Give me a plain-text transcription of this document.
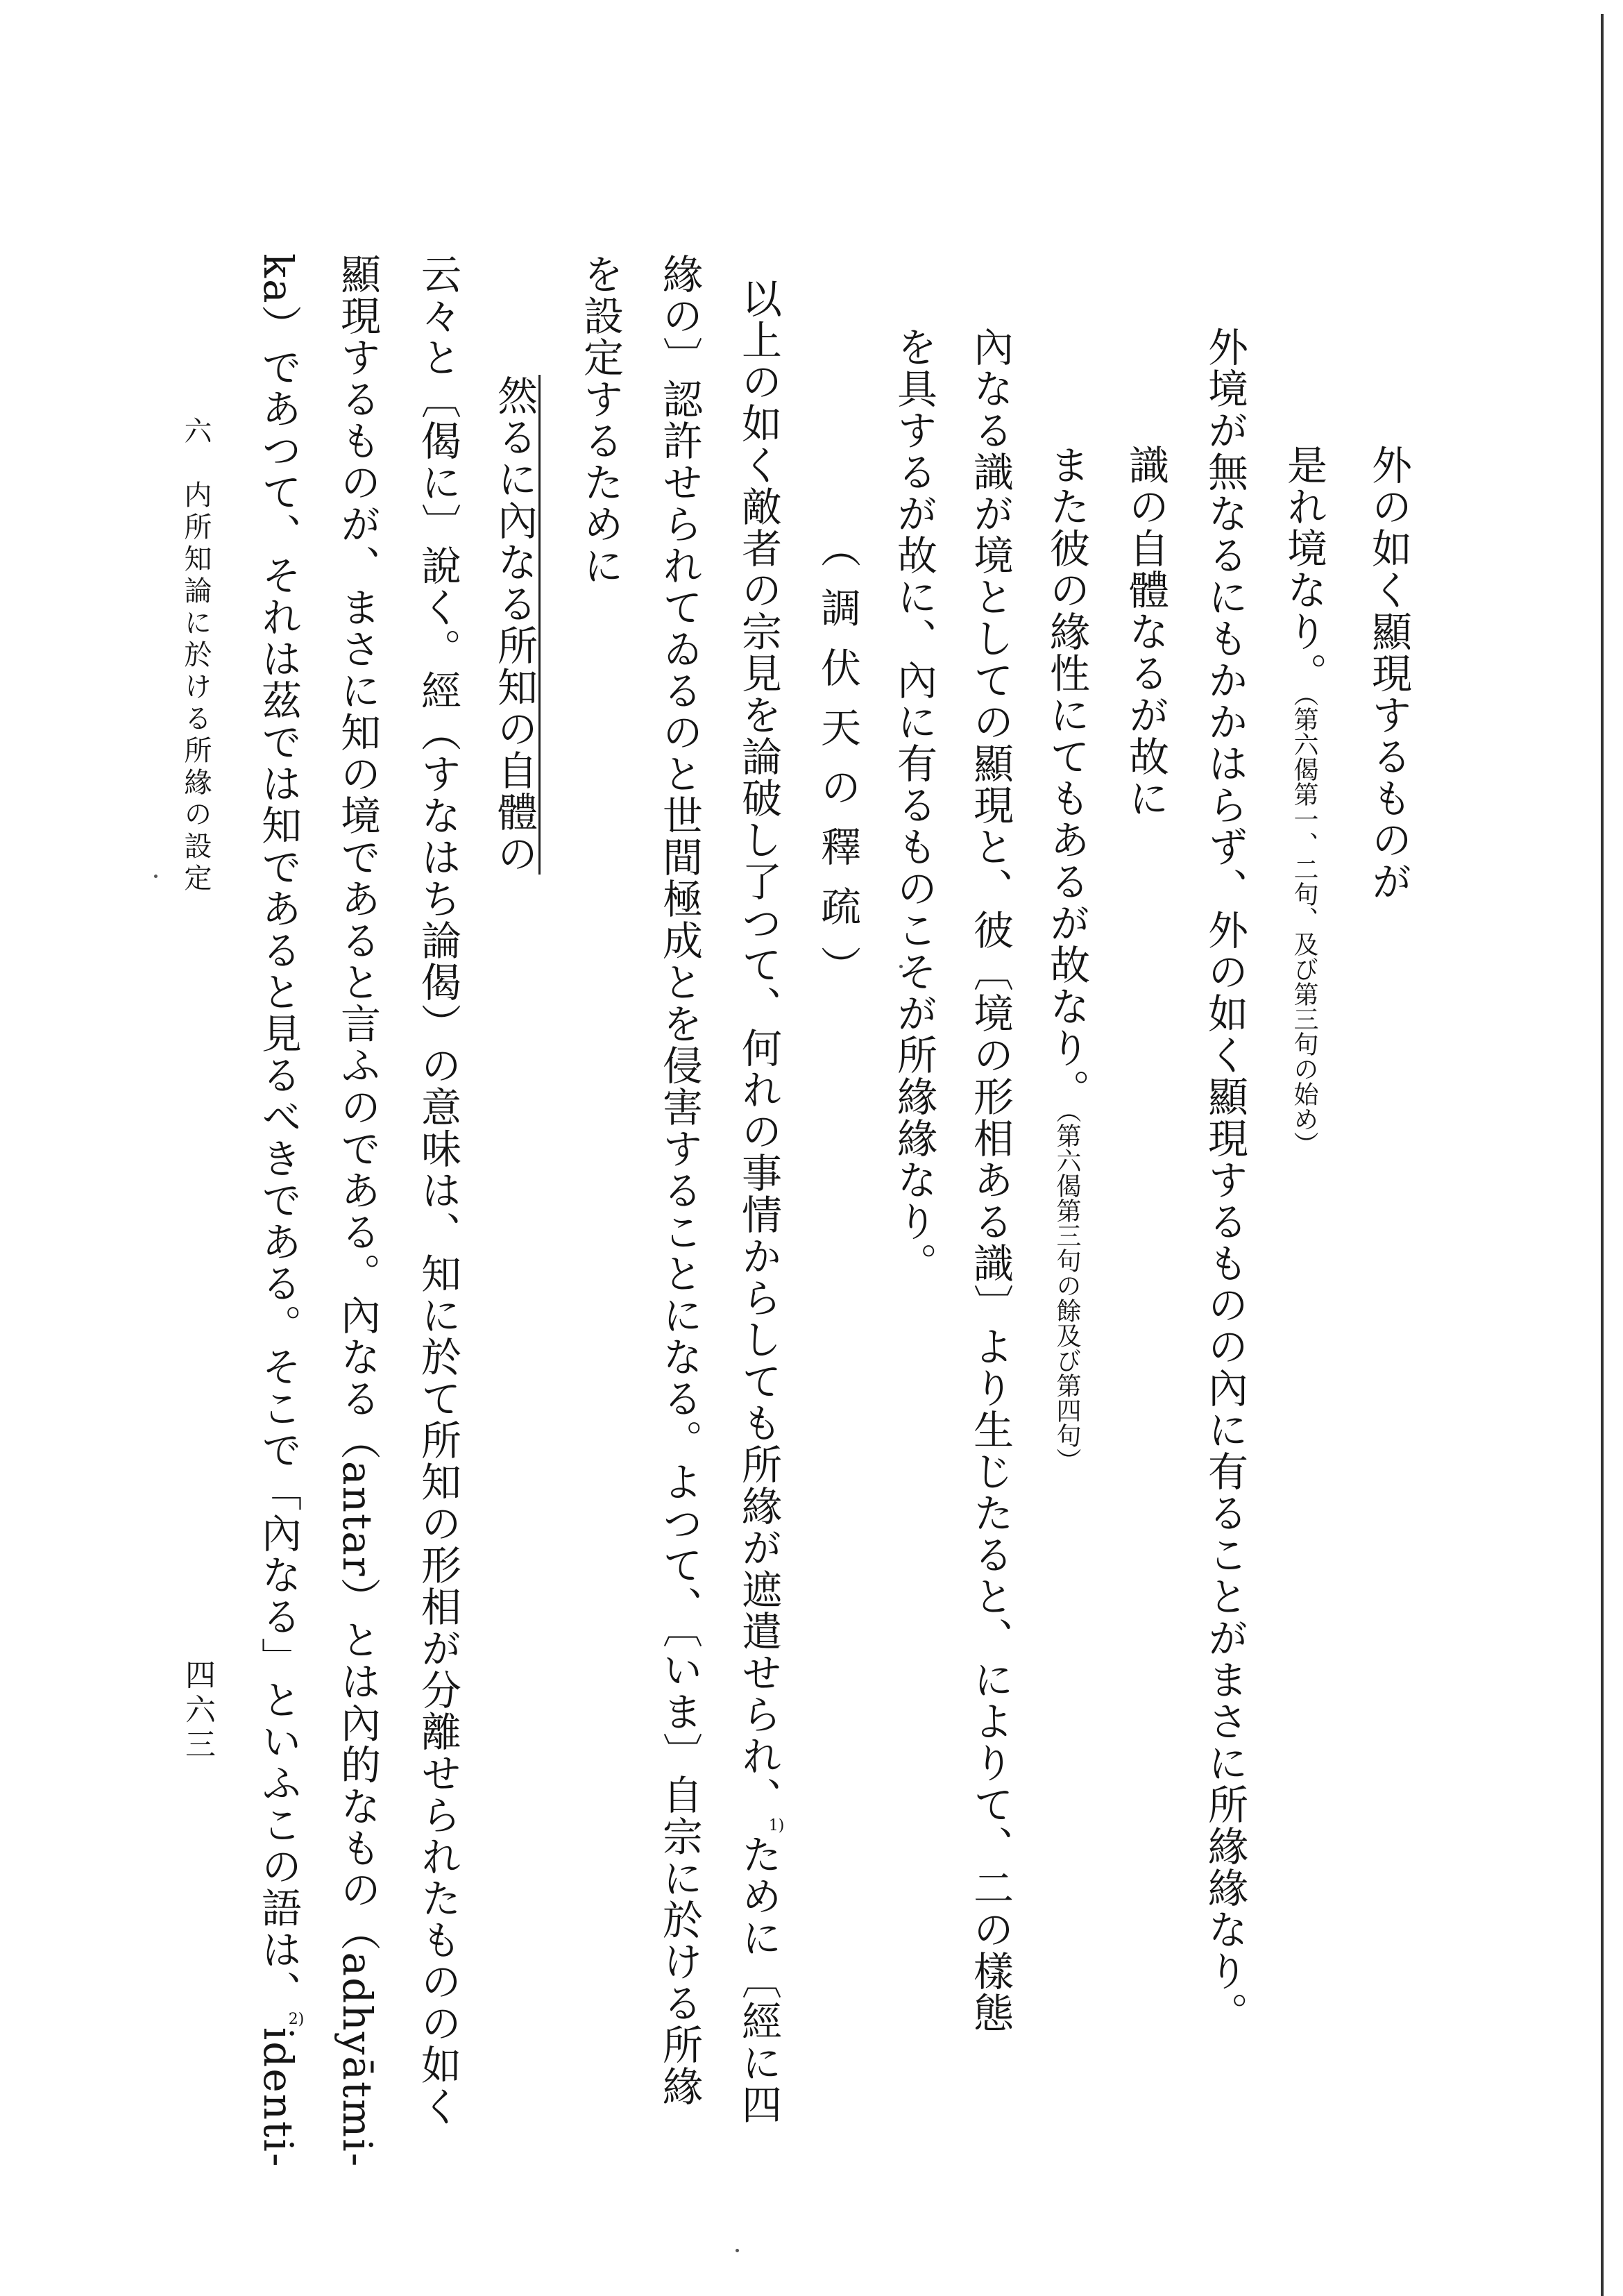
外の如く顯現するものが
是れ境なり。（第六偈第一、二句、及び第三句の始め）
外境が無なるにもかかはらず、外の如く顯現するものの內に有ることがまさに所緣緣なり。
識の自體なるが故に
また彼の緣性にてもあるが故なり。（第六偈第三句の餘及び第四句）
內なる識が境としての顯現と、彼〔境の形相ある識〕より生じたると、によりて、二の樣態
を具するが故に、內に有るものこそが所緣緣なり。
（調伏天の釋疏）
以上の如く敵者の宗見を論破し了つて、何れの事情からしても所緣が遮遣せられ、1)ために〔經に四
緣の〕認許せられてゐるのと世間極成とを侵害することになる。よつて、〔いま〕自宗に於ける所緣
を設定するために
然るに內なる所知の自體の
云々と〔偈に〕說く。經（すなはち論偈）の意味は、知に於て所知の形相が分離せられたものの如く
顯現するものが、まさに知の境であると言ふのである。內なる（antar）とは內的なもの（adhyātmi-
ka）であつて、それは茲では知であると見るべきである。そこで「內なる」といふこの語は、2)identi-
六　内所知論に於ける所緣の設定
四六三
